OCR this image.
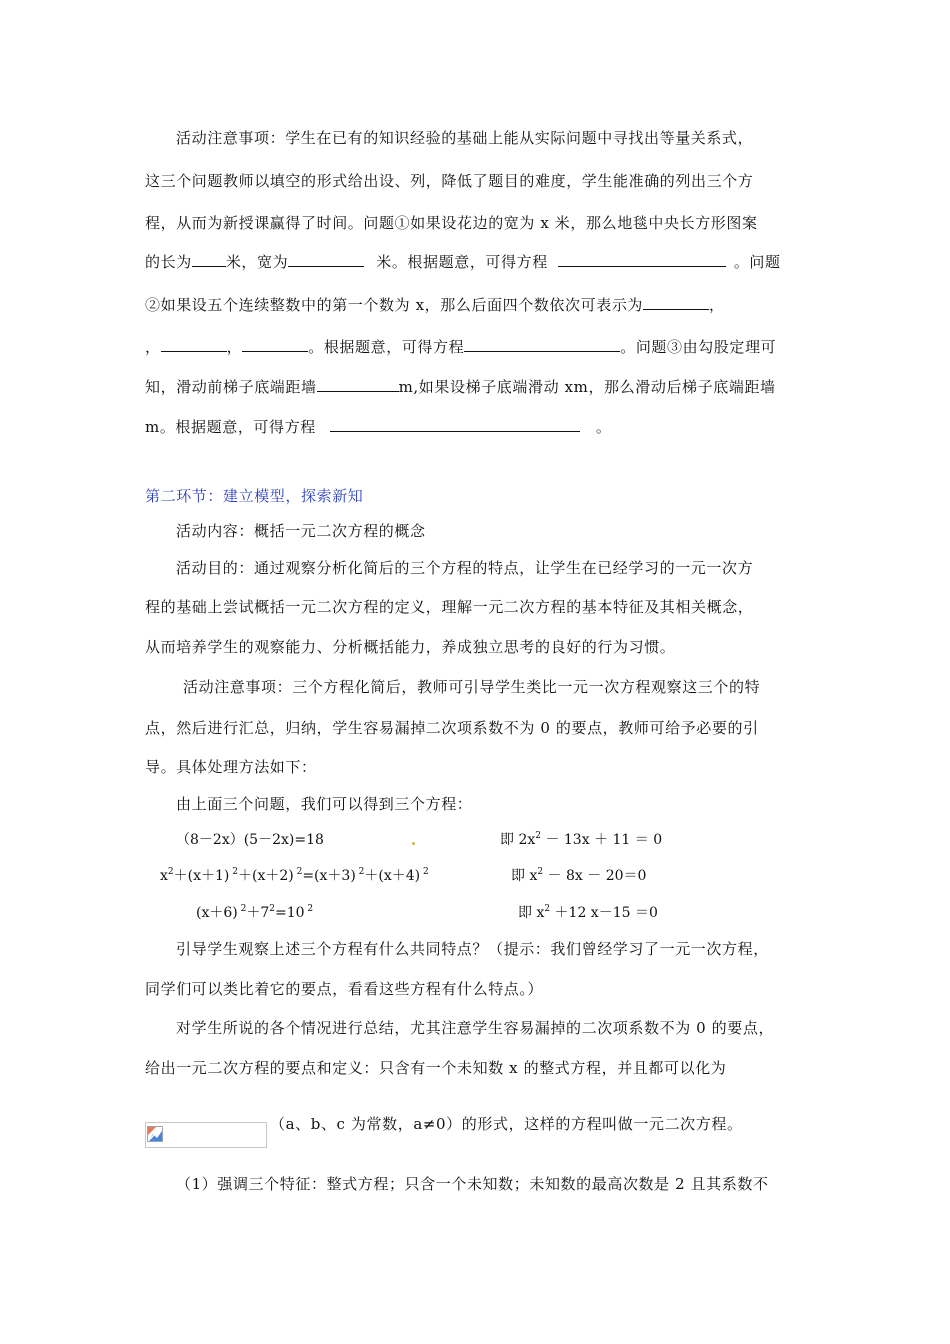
活动注意事项：学生在已有的知识经验的基础上能从实际问题中寻找出等量关系式，
这三个问题教师以填空的形式给出设、列，降低了题目的难度，学生能准确的列出三个方
程，从而为新授课赢得了时间。问题①如果设花边的宽为 x 米，那么地毯中央长方形图案
的长为 米，宽为	米。根据题意，可得方程	。问题
②如果设五个连续整数中的第一个数为 x，那么后面四个数依次可表示为	，
，	，	。根据题意，可得方程	。问题③由勾股定理可
知，滑动前梯子底端距墙	m,如果设梯子底端滑动 xm，那么滑动后梯子底端距墙
m。根据题意，可得方程	。
第二环节：建立模型，探索新知
活动内容：概括一元二次方程的概念
活动目的：通过观察分析化简后的三个方程的特点，让学生在已经学习的一元一次方
程的基础上尝试概括一元二次方程的定义，理解一元二次方程的基本特征及其相关概念，
从而培养学生的观察能力、分析概括能力，养成独立思考的良好的行为习惯。
活动注意事项：三个方程化简后，教师可引导学生类比一元一次方程观察这三个的特
点，然后进行汇总，归纳，学生容易漏掉二次项系数不为 0 的要点，教师可给予必要的引
导。具体处理方法如下：
由上面三个问题，我们可以得到三个方程：
（8－2x）(5－2x)=18	即 $2x^2 - 13x + 11 = 0$
$x^2+(x+1)$ $^2$＋(x＋2) $^2$=(x＋3) $^2$＋(x＋4) $^2$	即 $x^2 - 8x - 20=0$
(x＋6) $^2+7^2=10$ $^2$	即 $x^2 +12$ x－15 ＝0
引导学生观察上述三个方程有什么共同特点？（提示：我们曾经学习了一元一次方程，
同学们可以类比着它的要点，看看这些方程有什么特点。）
对学生所说的各个情况进行总结，尤其注意学生容易漏掉的二次项系数不为 0 的要点，
给出一元二次方程的要点和定义：只含有一个未知数 x 的整式方程，并且都可以化为
（a、b、c 为常数，a≠0）的形式，这样的方程叫做一元二次方程。
（1）强调三个特征：整式方程；只含一个未知数；未知数的最高次数是 2 且其系数不
